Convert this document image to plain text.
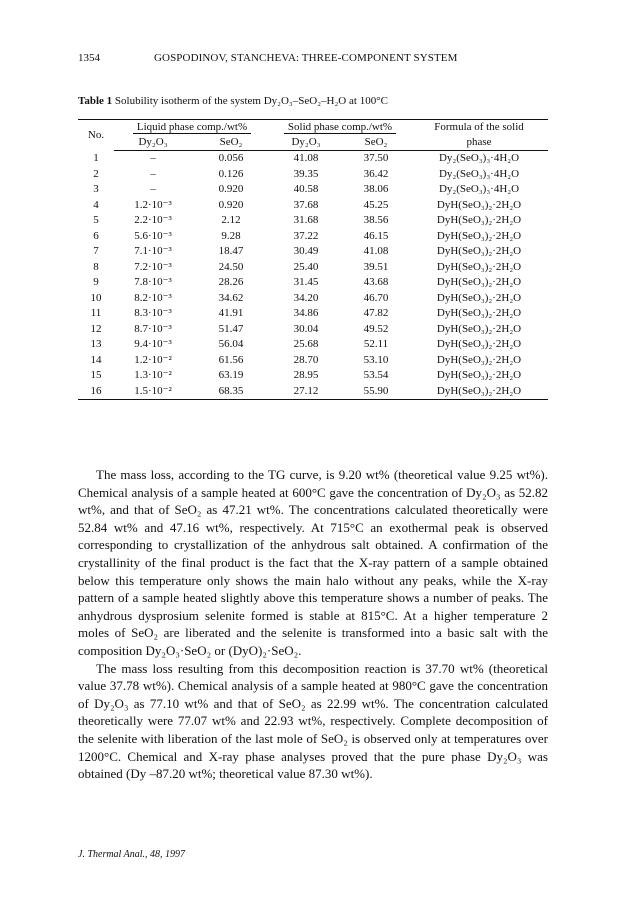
1354	GOSPODINOV, STANCHEVA: THREE-COMPONENT SYSTEM
Table 1 Solubility isotherm of the system Dy₂O₃–SeO₂–H₂O at 100°C
No.	Liquid phase comp./wt%		Solid phase comp./wt%		Formula of the solid
	Dy₂O₃	SeO₂	Dy₂O₃	SeO₂	phase
1	–	0.056	41.08	37.50	Dy₂(SeO₃)₃·4H₂O
2	–	0.126	39.35	36.42	Dy₂(SeO₃)₃·4H₂O
3	–	0.920	40.58	38.06	Dy₂(SeO₃)₃·4H₂O
4	1.2·10⁻³	0.920	37.68	45.25	DyH(SeO₃)₂·2H₂O
5	2.2·10⁻³	2.12	31.68	38.56	DyH(SeO₃)₂·2H₂O
6	5.6·10⁻³	9.28	37.22	46.15	DyH(SeO₃)₂·2H₂O
7	7.1·10⁻³	18.47	30.49	41.08	DyH(SeO₃)₂·2H₂O
8	7.2·10⁻³	24.50	25.40	39.51	DyH(SeO₃)₂·2H₂O
9	7.8·10⁻³	28.26	31.45	43.68	DyH(SeO₃)₂·2H₂O
10	8.2·10⁻³	34.62	34.20	46.70	DyH(SeO₃)₂·2H₂O
11	8.3·10⁻³	41.91	34.86	47.82	DyH(SeO₃)₂·2H₂O
12	8.7·10⁻³	51.47	30.04	49.52	DyH(SeO₃)₂·2H₂O
13	9.4·10⁻³	56.04	25.68	52.11	DyH(SeO₃)₂·2H₂O
14	1.2·10⁻²	61.56	28.70	53.10	DyH(SeO₃)₂·2H₂O
15	1.3·10⁻²	63.19	28.95	53.54	DyH(SeO₃)₂·2H₂O
16	1.5·10⁻²	68.35	27.12	55.90	DyH(SeO₃)₂·2H₂O

The mass loss, according to the TG curve, is 9.20 wt% (theoretical value 9.25 wt%). Chemical analysis of a sample heated at 600°C gave the concentration of Dy₂O₃ as 52.82 wt%, and that of SeO₂ as 47.21 wt%. The concentrations calculated theoretically were 52.84 wt% and 47.16 wt%, respectively. At 715°C an exothermal peak is observed corresponding to crystallization of the anhydrous salt obtained. A confirmation of the crystallinity of the final product is the fact that the X-ray pattern of a sample obtained below this temperature only shows the main halo without any peaks, while the X-ray pattern of a sample heated slightly above this temperature shows a number of peaks. The anhydrous dysprosium selenite formed is stable at 815°C. At a higher temperature 2 moles of SeO₂ are liberated and the selenite is transformed into a basic salt with the composition Dy₂O₃·SeO₂ or (DyO)₂·SeO₂.

The mass loss resulting from this decomposition reaction is 37.70 wt% (theoretical value 37.78 wt%). Chemical analysis of a sample heated at 980°C gave the concentration of Dy₂O₃ as 77.10 wt% and that of SeO₂ as 22.99 wt%. The concentration calculated theoretically were 77.07 wt% and 22.93 wt%, respectively. Complete decomposition of the selenite with liberation of the last mole of SeO₂ is observed only at temperatures over 1200°C. Chemical and X-ray phase analyses proved that the pure phase Dy₂O₃ was obtained (Dy –87.20 wt%; theoretical value 87.30 wt%).

J. Thermal Anal., 48, 1997
